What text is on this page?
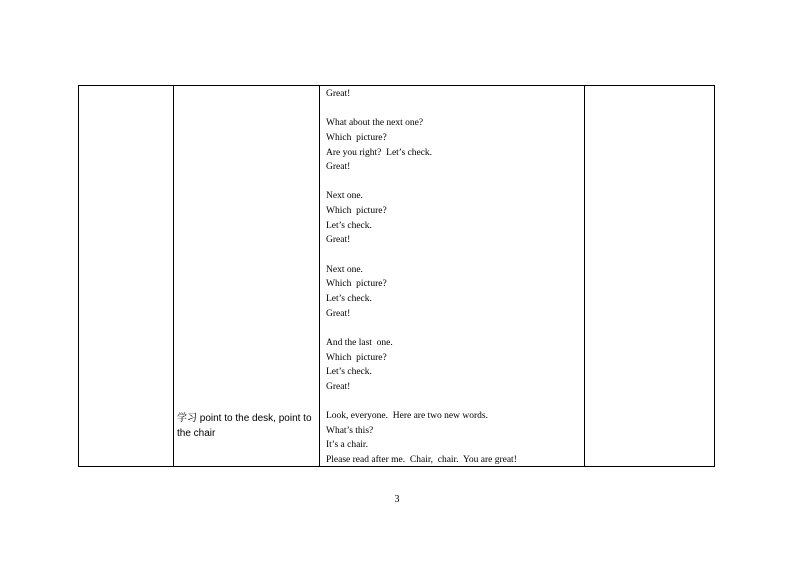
学习 point to the desk, point to the chair
Great!
What about the next one?
Which  picture?
Are you right?  Let’s check.
Great!
Next one.
Which  picture?
Let’s check.
Great!
Next one.
Which  picture?
Let’s check.
Great!
And the last  one.
Which  picture?
Let’s check.
Great!
Look, everyone.  Here are two new words.
What’s this?
It’s a chair.
Please read after me.  Chair,  chair.  You are great!
3
